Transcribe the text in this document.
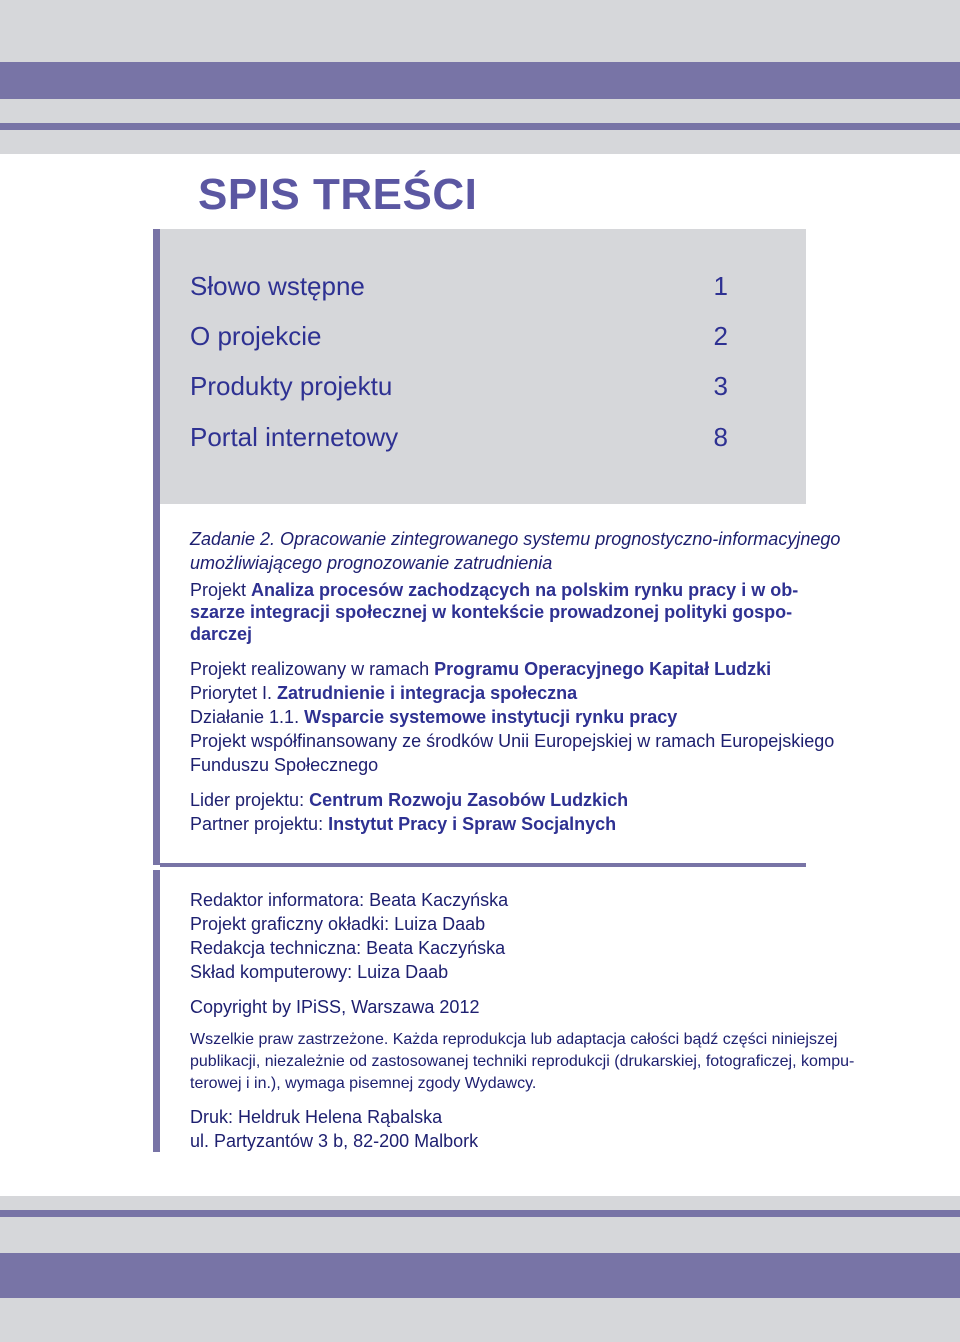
SPIS TREŚCI
Słowo wstępne	1
O projekcie	2
Produkty projektu	3
Portal internetowy	8
Zadanie 2. Opracowanie zintegrowanego systemu prognostyczno-informacyjnego
umożliwiającego prognozowanie zatrudnienia
Projekt Analiza procesów zachodzących na polskim rynku pracy i w ob-
szarze integracji społecznej w kontekście prowadzonej polityki gospo-
darczej
Projekt realizowany w ramach Programu Operacyjnego Kapitał Ludzki
Priorytet I. Zatrudnienie i integracja społeczna
Działanie 1.1. Wsparcie systemowe instytucji rynku pracy
Projekt współfinansowany ze środków Unii Europejskiej w ramach Europejskiego
Funduszu Społecznego
Lider projektu: Centrum Rozwoju Zasobów Ludzkich
Partner projektu: Instytut Pracy i Spraw Socjalnych
Redaktor informatora: Beata Kaczyńska
Projekt graficzny okładki: Luiza Daab
Redakcja techniczna: Beata Kaczyńska
Skład komputerowy: Luiza Daab
Copyright by IPiSS, Warszawa 2012
Wszelkie praw zastrzeżone. Każda reprodukcja lub adaptacja całości bądź części niniejszej
publikacji, niezależnie od zastosowanej techniki reprodukcji (drukarskiej, fotograficzej, kompu-
terowej i in.), wymaga pisemnej zgody Wydawcy.
Druk: Heldruk Helena Rąbalska
ul. Partyzantów 3 b, 82-200 Malbork
